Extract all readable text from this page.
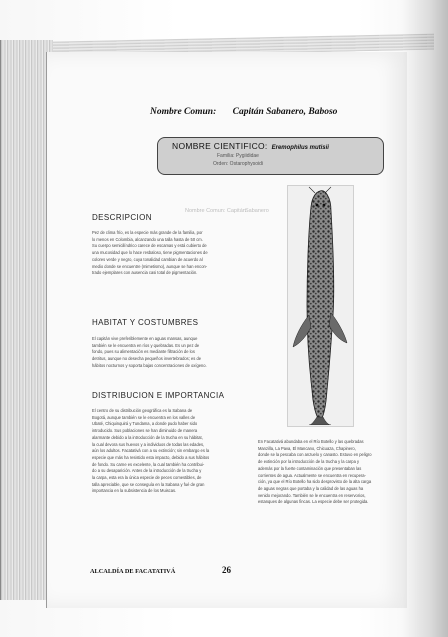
Nombre Comun: Capitán Sabanero, Baboso
NOMBRE CIENTIFICO: Eremophilus mutisii
Familia: Pygiididae
Orden: Ostarophysoidi
Nombre Comun: Capitán Sabanero
DESCRIPCION
Pez de clima frío, es la especie más grande de la familia, por
lo menos en Colombia, alcanzando una talla hasta de 50 cm.
Su cuerpo semicilíndrico carece de escamas y está cubierto de
una mucosidad que lo hace resbaloso, tiene pigmentaciones de
colores verde y negro, cuya tonalidad cambian de acuerdo al
medio donde se encuentre (mimetismo), aunque se han encon-
trado ejemplares con ausencia casi total de pigmentación.
HABITAT Y COSTUMBRES
El capitán vive preferiblemente en aguas mansas, aunque
también se le encuentra en ríos y quebradas. Es un pez de
fondo, pues su alimentación es mediante filtración de los
detritus, aunque no desecha pequeños invertebrados; es de
hábitos nocturnos y soporta bajas concentraciones de oxígeno.
DISTRIBUCION E IMPORTANCIA
El centro de su distribución geográfica es la Sabana de
Bogotá, aunque también se le encuentra en los valles de
Ubaté, Chiquinquirá y Tundama, a donde pudo haber sido
introducido. Sus poblaciones se han diminuido de manera
alarmante debido a la introducción de la trucha en su hábitat,
la cual devora sus huevos y a individuos de todas las edades,
aún los adultos. Facatativá con a su extinción; sin embargo es la
especie que más ha resistido esta impacto, debido a sus hábitos
de fondo. Su carne es excelente, la cual también ha contribui-
do a su desaparición. Antes de la introducción de la trucha y
la carpa, esta era la única especie de peces comestibles, de
talla apreciable, que se conseguía en la Sabana y fué de gran
importancia en la subsistencia de los Muiscas.
En Facatativá abundaba en el Río Botello y las quebradas
Manzilla, La Pava, El Mancano, Chicuaza, Chapinero,
donde se la pescaba con anzuelo y canasto. Estuvo en peligro
de extinción por la introducción de la trucha y la carpa y
además por la fuerte contaminación que presentaban las
corrientes de agua. Actualmente se encuentra en recupera-
ción, ya que el Río Botello ha sido desprovisto de la alta carga
de aguas negras que portaba y la calidad de las aguas ha
venido mejorando. También se le encuentra en reservorios,
estanques de algunas fincas. La especie debe ser protegida.
ALCALDÍA DE FACATATIVÁ	26
